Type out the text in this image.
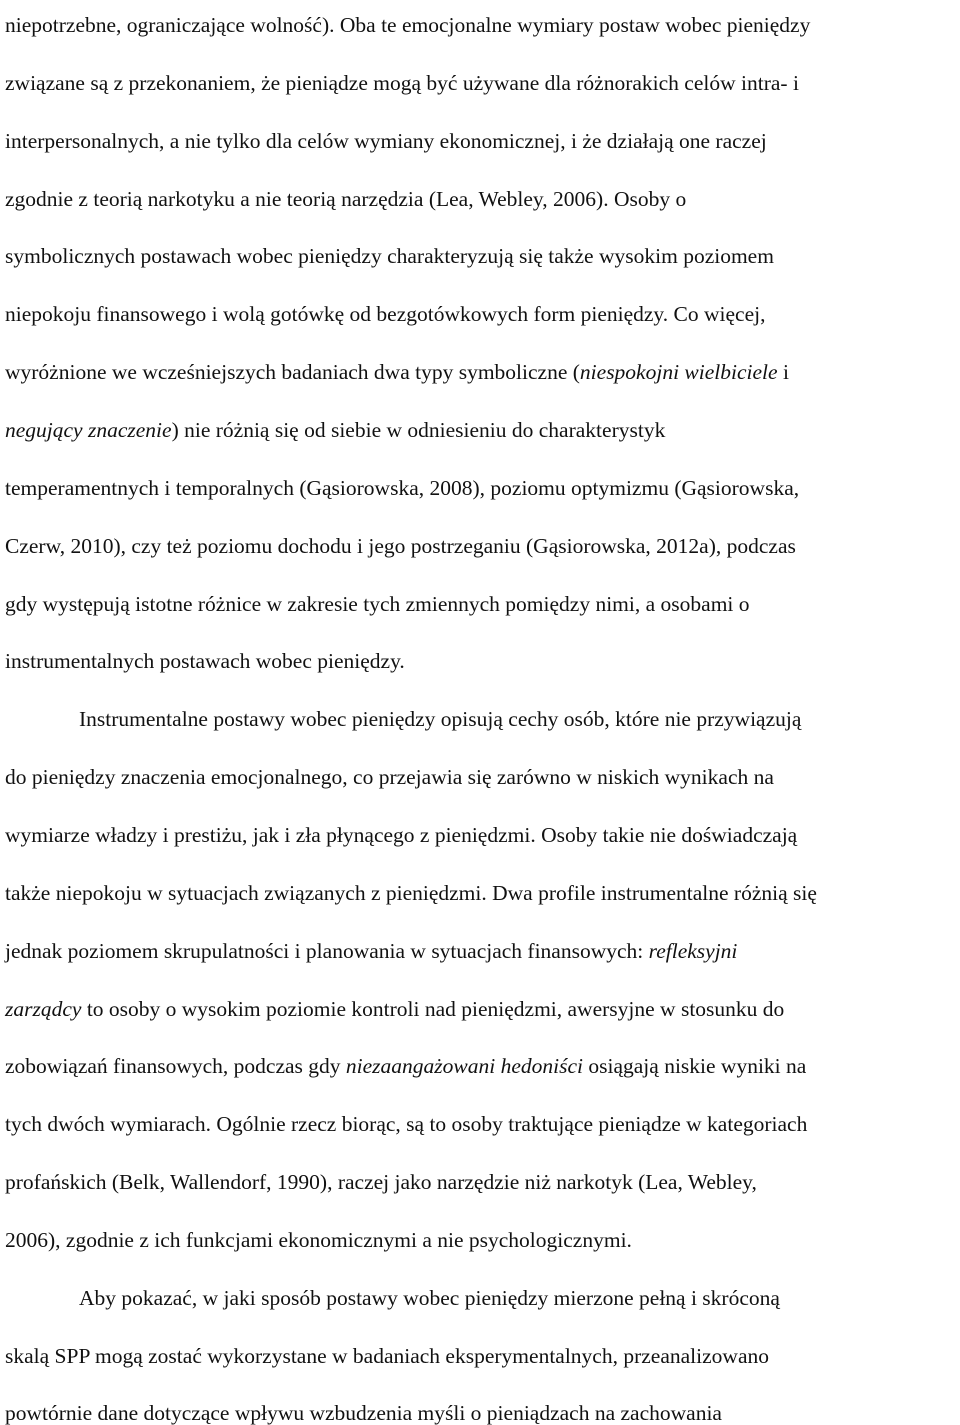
niepotrzebne, ograniczające wolność). Oba te emocjonalne wymiary postaw wobec pieniędzy
związane są z przekonaniem, że pieniądze mogą być używane dla różnorakich celów intra- i
interpersonalnych, a nie tylko dla celów wymiany ekonomicznej, i że działają one raczej
zgodnie z teorią narkotyku a nie teorią narzędzia (Lea, Webley, 2006). Osoby o
symbolicznych postawach wobec pieniędzy charakteryzują się także wysokim poziomem
niepokoju finansowego i wolą gotówkę od bezgotówkowych form pieniędzy. Co więcej,
wyróżnione we wcześniejszych badaniach dwa typy symboliczne (niespokojni wielbiciele i
negujący znaczenie) nie różnią się od siebie w odniesieniu do charakterystyk
temperamentnych i temporalnych (Gąsiorowska, 2008), poziomu optymizmu (Gąsiorowska,
Czerw, 2010), czy też poziomu dochodu i jego postrzeganiu (Gąsiorowska, 2012a), podczas
gdy występują istotne różnice w zakresie tych zmiennych pomiędzy nimi, a osobami o
instrumentalnych postawach wobec pieniędzy.
Instrumentalne postawy wobec pieniędzy opisują cechy osób, które nie przywiązują
do pieniędzy znaczenia emocjonalnego, co przejawia się zarówno w niskich wynikach na
wymiarze władzy i prestiżu, jak i zła płynącego z pieniędzmi. Osoby takie nie doświadczają
także niepokoju w sytuacjach związanych z pieniędzmi. Dwa profile instrumentalne różnią się
jednak poziomem skrupulatności i planowania w sytuacjach finansowych: refleksyjni
zarządcy to osoby o wysokim poziomie kontroli nad pieniędzmi, awersyjne w stosunku do
zobowiązań finansowych, podczas gdy niezaangażowani hedoniści osiągają niskie wyniki na
tych dwóch wymiarach. Ogólnie rzecz biorąc, są to osoby traktujące pieniądze w kategoriach
profańskich (Belk, Wallendorf, 1990), raczej jako narzędzie niż narkotyk (Lea, Webley,
2006), zgodnie z ich funkcjami ekonomicznymi a nie psychologicznymi.
Aby pokazać, w jaki sposób postawy wobec pieniędzy mierzone pełną i skróconą
skalą SPP mogą zostać wykorzystane w badaniach eksperymentalnych, przeanalizowano
powtórnie dane dotyczące wpływu wzbudzenia myśli o pieniądzach na zachowania
